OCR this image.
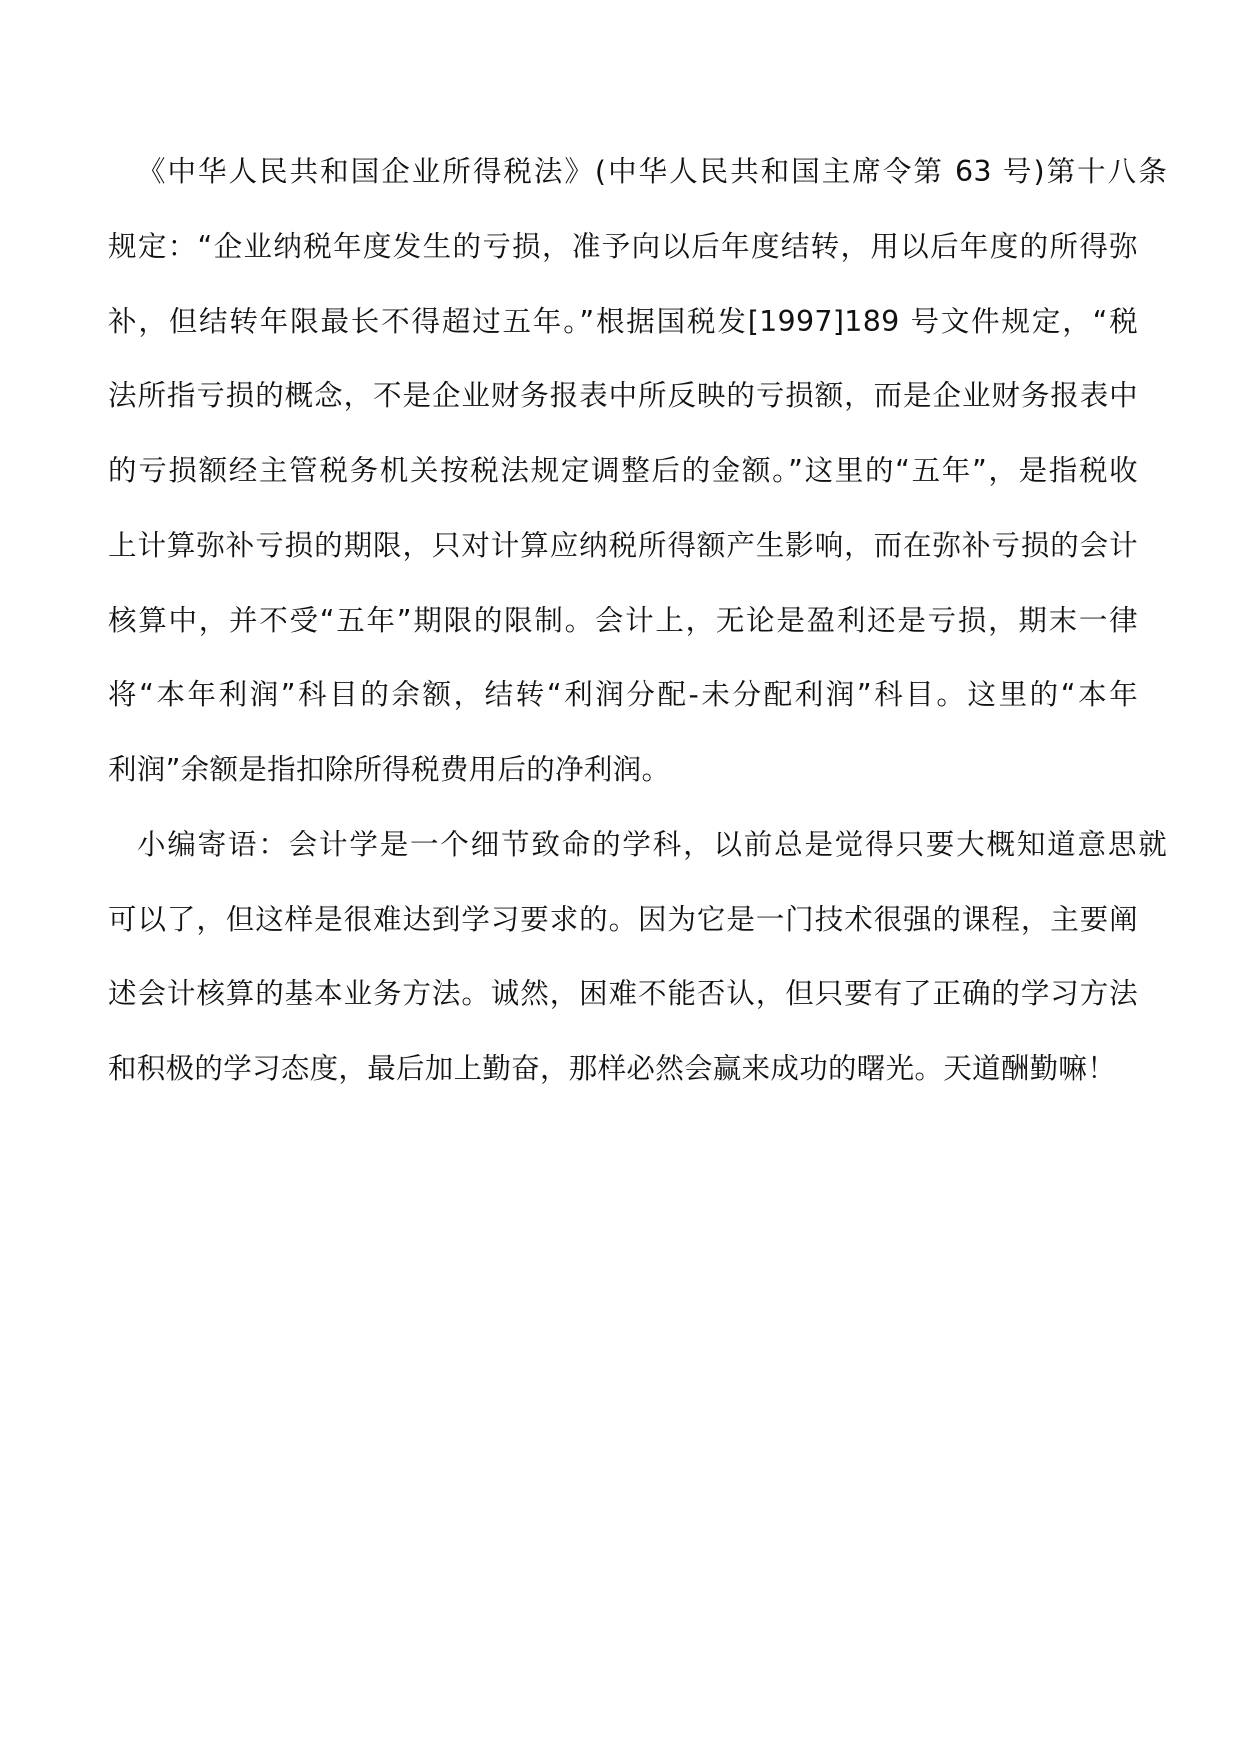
《中华人民共和国企业所得税法》(中华人民共和国主席令第 63 号)第十八条
规定：“企业纳税年度发生的亏损，准予向以后年度结转，用以后年度的所得弥
补，但结转年限最长不得超过五年。”根据国税发[1997]189 号文件规定，“税
法所指亏损的概念，不是企业财务报表中所反映的亏损额，而是企业财务报表中
的亏损额经主管税务机关按税法规定调整后的金额。”这里的“五年”，是指税收
上计算弥补亏损的期限，只对计算应纳税所得额产生影响，而在弥补亏损的会计
核算中，并不受“五年”期限的限制。会计上，无论是盈利还是亏损，期末一律
将“本年利润”科目的余额，结转“利润分配-未分配利润”科目。这里的“本年
利润”余额是指扣除所得税费用后的净利润。
小编寄语：会计学是一个细节致命的学科，以前总是觉得只要大概知道意思就
可以了，但这样是很难达到学习要求的。因为它是一门技术很强的课程，主要阐
述会计核算的基本业务方法。诚然，困难不能否认，但只要有了正确的学习方法
和积极的学习态度，最后加上勤奋，那样必然会赢来成功的曙光。天道酬勤嘛！
